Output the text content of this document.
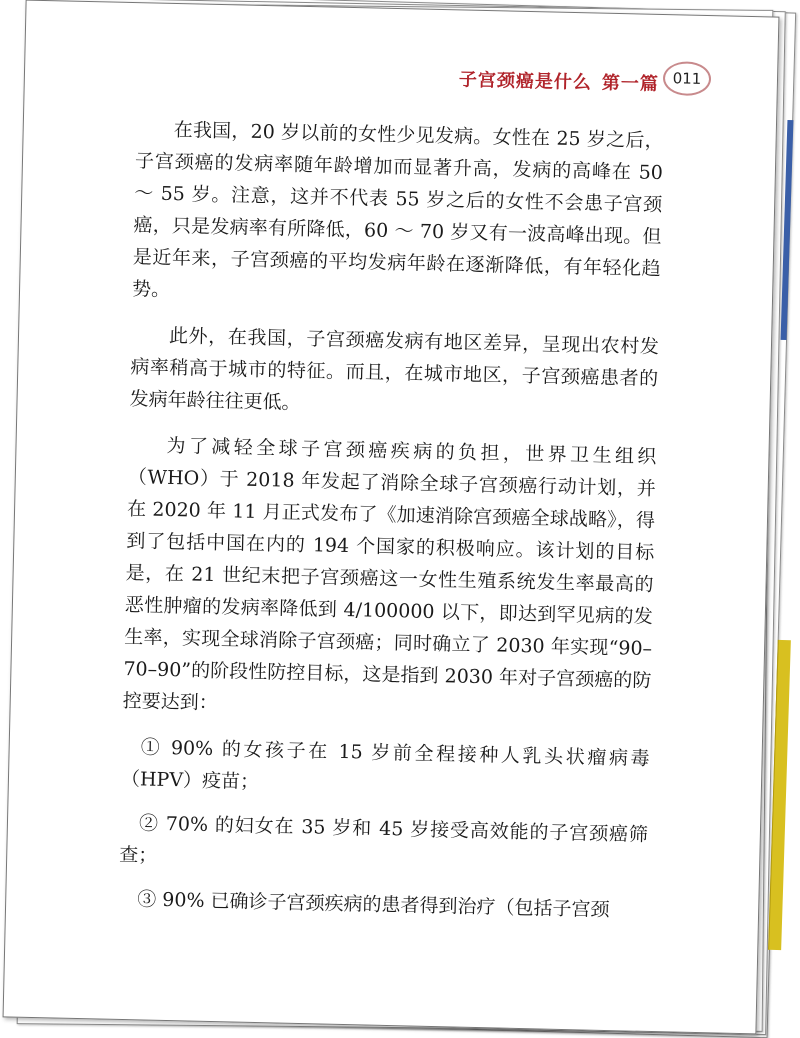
子宫颈癌是什么 第一篇 011

在我国，20 岁以前的女性少见发病。女性在 25 岁之后，子宫颈癌的发病率随年龄增加而显著升高，发病的高峰在 50 ～ 55 岁。注意，这并不代表 55 岁之后的女性不会患子宫颈癌，只是发病率有所降低，60 ～ 70 岁又有一波高峰出现。但是近年来，子宫颈癌的平均发病年龄在逐渐降低，有年轻化趋势。

此外，在我国，子宫颈癌发病有地区差异，呈现出农村发病率稍高于城市的特征。而且，在城市地区，子宫颈癌患者的发病年龄往往更低。

为了减轻全球子宫颈癌疾病的负担，世界卫生组织（WHO）于 2018 年发起了消除全球子宫颈癌行动计划，并在 2020 年 11 月正式发布了《加速消除宫颈癌全球战略》，得到了包括中国在内的 194 个国家的积极响应。该计划的目标是，在 21 世纪末把子宫颈癌这一女性生殖系统发生率最高的恶性肿瘤的发病率降低到 4/100000 以下，即达到罕见病的发生率，实现全球消除子宫颈癌；同时确立了 2030 年实现“90–70–90”的阶段性防控目标，这是指到 2030 年对子宫颈癌的防控要达到：

① 90% 的女孩子在 15 岁前全程接种人乳头状瘤病毒（HPV）疫苗；

② 70% 的妇女在 35 岁和 45 岁接受高效能的子宫颈癌筛查；

③ 90% 已确诊子宫颈疾病的患者得到治疗（包括子宫颈
